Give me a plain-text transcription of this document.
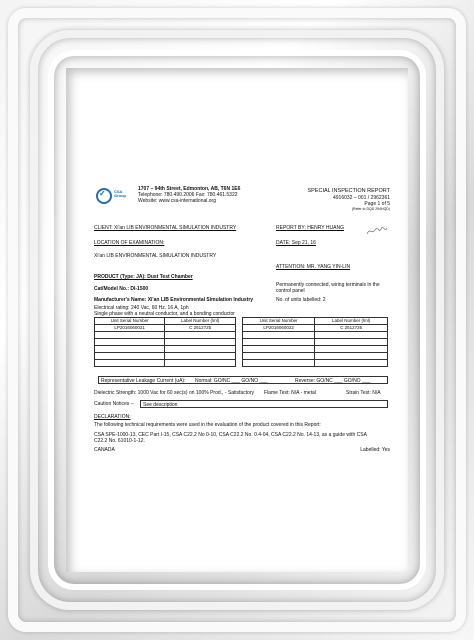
✓ CSA
Group
1707 – 94th Street, Edmonton, AB, T6N 1E6
Telephone: 780.490.2006 Fax: 780.461.5322
Website: www.csa-international.org
SPECIAL INSPECTION REPORT
4916032 – 001 / 2962361
Page 1 of 5
(Refer to DQD 294HQD)
CLIENT: Xi'an LIB ENVIRONMENTAL SIMULATION INDUSTRY	REPORT BY: HENRY HUANG
LOCATION OF EXAMINATION:	DATE: Sep 21, 16
Xi'an LIB ENVIRONMENTAL SIMULATION INDUSTRY
ATTENTION: MR. YANG YIN-LIN
PRODUCT (Type: JA): Dust Test Chamber
Cat/Model No.: DI-1500
Permanently connected, wiring terminals in the
control panel
No. of units labelled: 2
Manufacturer's Name: Xi'an LIB Environmental Simulation Industry
Electrical rating: 240 Vac, 60 Hz, 16 A, 1ph
Single phase with a neutral conductor, and a bonding conductor
Unit Serial Number	Label Number (lml)
LP2016060021	C 2512725

Unit Serial Number	Label Number (lml)
LP2016060022	C 2512726

Representative Leakage Current (uA): Normal: GO/NC ___ GO/NO ___	Reverse: GO/NC ___ GO/NO ___
Dielectric Strength: 1000 Vac for 60 sec(s) on 100% Prod., - Satisfactory Flame Test: N/A - metal	Strain Test: N/A
Caution Notices – See description
DECLARATION:
The following technical requirements were used in the evaluation of the product covered in this Report:
CSA SPE-1000-13, CEC Part I-15, CSA C22.2 No 0-10, CSA C22.2 No. 0.4-04, CSA C22.2 No. 14-13, as a guide with CSA
C22.2 No. 61010-1-12.
CANADA	Labelled: Yes
